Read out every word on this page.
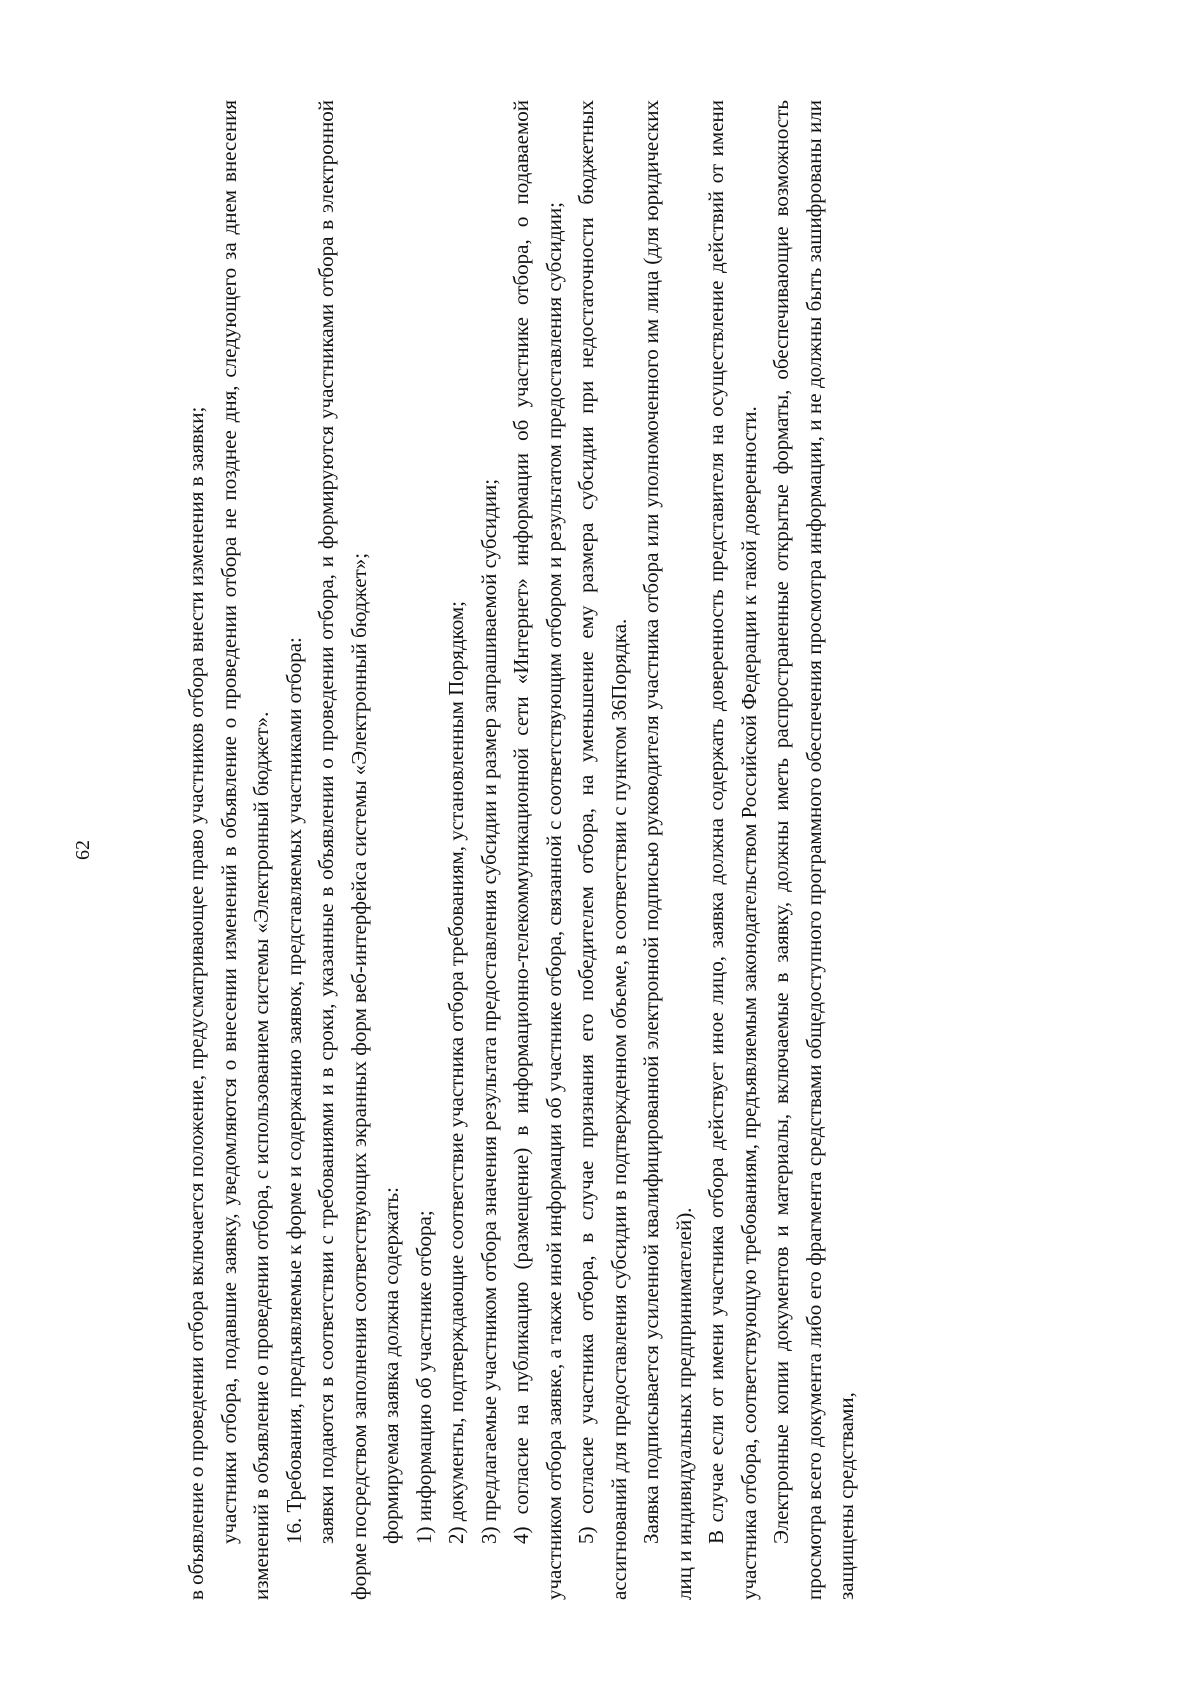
62	в объявление о проведении отбора включается положение, предусматривающее право участников отбора внести изменения в заявки; участники отбора, подавшие заявку, уведомляются о внесении изменений в объявление о проведении отбора не позднее дня, следующего за днем внесения изменений в объявление о проведении отбора, с использованием системы «Электронный бюджет». 16. Требования, предъявляемые к форме и содержанию заявок, представляемых участниками отбора: заявки подаются в соответствии с требованиями и в сроки, указанные в объявлении о проведении отбора, и формируются участниками отбора в электронной форме посредством заполнения соответствующих экранных форм веб-интерфейса системы «Электронный бюджет»; формируемая заявка должна содержать: 1) информацию об участнике отбора; 2) документы, подтверждающие соответствие участника отбора требованиям, установленным Порядком; 3) предлагаемые участником отбора значения результата предоставления субсидии и размер запрашиваемой субсидии; 4) согласие на публикацию (размещение) в информационно-телекоммуникационной сети «Интернет» информации об участнике отбора, о подаваемой участником отбора заявке, а также иной информации об участнике отбора, связанной с соответствующим отбором и результатом предоставления субсидии; 5) согласие участника отбора, в случае признания его победителем отбора, на уменьшение ему размера субсидии при недостаточности бюджетных ассигнований для предоставления субсидии в подтвержденном объеме, в соответствии с пунктом 36Порядка. Заявка подписывается усиленной квалифицированной электронной подписью руководителя участника отбора или уполномоченного им лица (для юридических лиц и индивидуальных предпринимателей). В случае если от имени участника отбора действует иное лицо, заявка должна содержать доверенность представителя на осуществление действий от имени участника отбора, соответствующую требованиям, предъявляемым законодательством Российской Федерации к такой доверенности. Электронные копии документов и материалы, включаемые в заявку, должны иметь распространенные открытые форматы, обеспечивающие возможность просмотра всего документа либо его фрагмента средствами общедоступного программного обеспечения просмотра информации, и не должны быть зашифрованы или защищены средствами,
